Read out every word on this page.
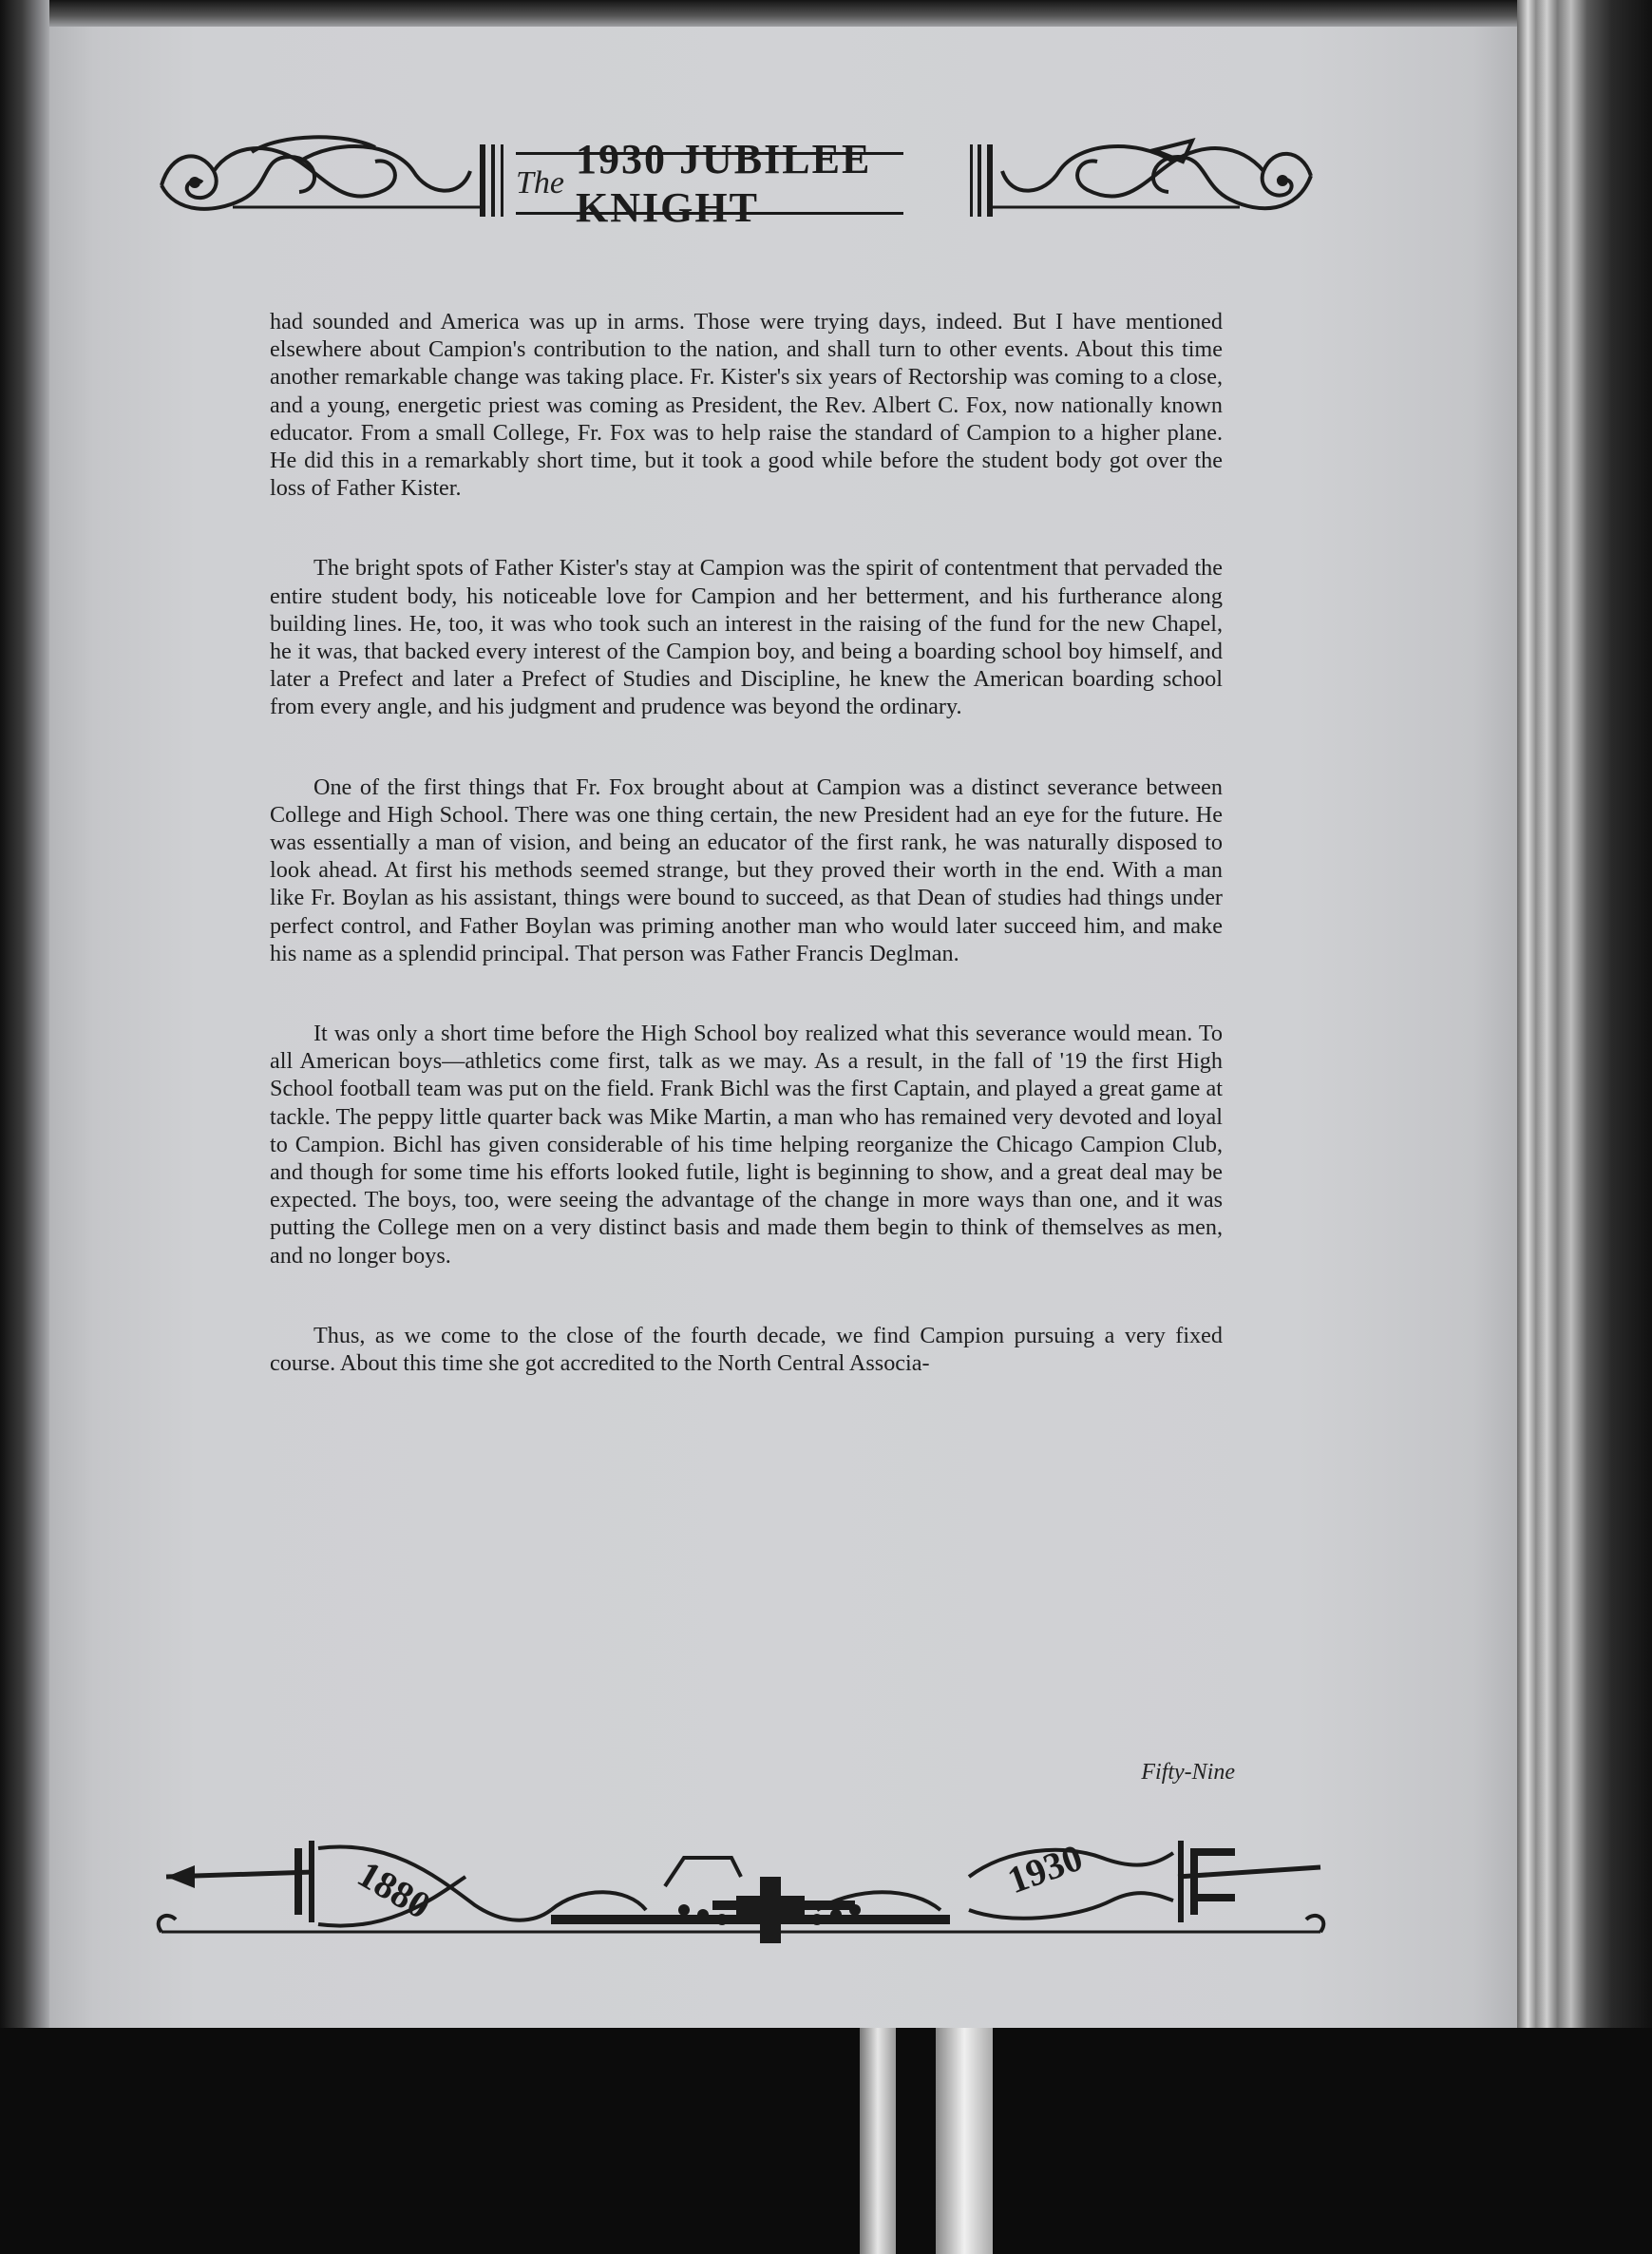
The
1930 JUBILEE KNIGHT

had sounded and America was up in arms. Those were trying days, indeed. But I have mentioned elsewhere about Campion's contribution to the nation, and shall turn to other events. About this time another remarkable change was taking place. Fr. Kister's six years of Rectorship was coming to a close, and a young, energetic priest was coming as President, the Rev. Albert C. Fox, now nationally known educator. From a small College, Fr. Fox was to help raise the standard of Campion to a higher plane. He did this in a remarkably short time, but it took a good while before the student body got over the loss of Father Kister.

The bright spots of Father Kister's stay at Campion was the spirit of contentment that pervaded the entire student body, his noticeable love for Campion and her betterment, and his furtherance along building lines. He, too, it was who took such an interest in the raising of the fund for the new Chapel, he it was, that backed every interest of the Campion boy, and being a boarding school boy himself, and later a Prefect and later a Prefect of Studies and Discipline, he knew the American boarding school from every angle, and his judgment and prudence was beyond the ordinary.

One of the first things that Fr. Fox brought about at Campion was a distinct severance between College and High School. There was one thing certain, the new President had an eye for the future. He was essentially a man of vision, and being an educator of the first rank, he was naturally disposed to look ahead. At first his methods seemed strange, but they proved their worth in the end. With a man like Fr. Boylan as his assistant, things were bound to succeed, as that Dean of studies had things under perfect control, and Father Boylan was priming another man who would later succeed him, and make his name as a splendid principal. That person was Father Francis Deglman.

It was only a short time before the High School boy realized what this severance would mean. To all American boys—athletics come first, talk as we may. As a result, in the fall of '19 the first High School football team was put on the field. Frank Bichl was the first Captain, and played a great game at tackle. The peppy little quarter back was Mike Martin, a man who has remained very devoted and loyal to Campion. Bichl has given considerable of his time helping reorganize the Chicago Campion Club, and though for some time his efforts looked futile, light is beginning to show, and a great deal may be expected. The boys, too, were seeing the advantage of the change in more ways than one, and it was putting the College men on a very distinct basis and made them begin to think of themselves as men, and no longer boys.

Thus, as we come to the close of the fourth decade, we find Campion pursuing a very fixed course. About this time she got accredited to the North Central Associa-

Fifty-Nine
1880	1930
